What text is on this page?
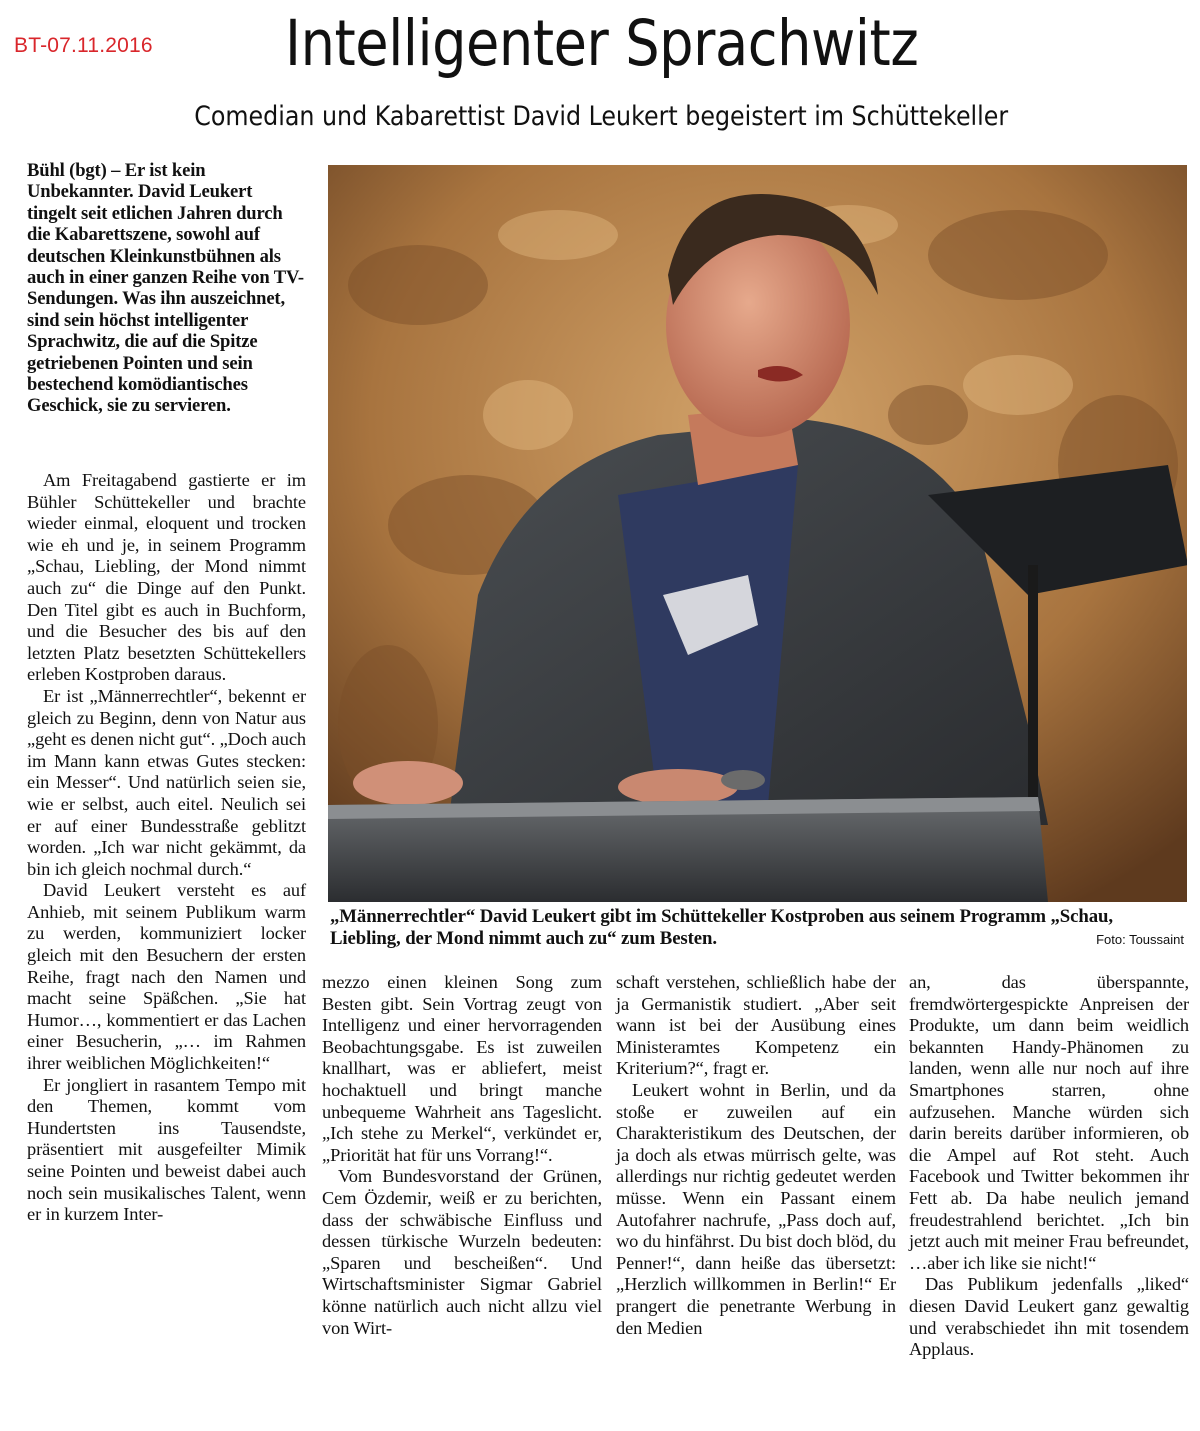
BT-07.11.2016	Intelligenter Sprachwitz
Comedian und Kabarettist David Leukert begeistert im Schüttekeller
Bühl (bgt) – Er ist kein Unbekannter. David Leukert tingelt seit etlichen Jahren durch die Kabarettszene, sowohl auf deutschen Kleinkunstbühnen als auch in einer ganzen Reihe von TV-Sendungen. Was ihn auszeichnet, sind sein höchst intelligenter Sprachwitz, die auf die Spitze getriebenen Pointen und sein bestechend komödiantisches Geschick, sie zu servieren.

Am Freitagabend gastierte er im Bühler Schüttekeller und brachte wieder einmal, eloquent und trocken wie eh und je, in seinem Programm „Schau, Liebling, der Mond nimmt auch zu“ die Dinge auf den Punkt. Den Titel gibt es auch in Buchform, und die Besucher des bis auf den letzten Platz besetzten Schüttekellers erleben Kostproben daraus.

Er ist „Männerrechtler“, bekennt er gleich zu Beginn, denn von Natur aus „geht es denen nicht gut“. „Doch auch im Mann kann etwas Gutes stecken: ein Messer“. Und natürlich seien sie, wie er selbst, auch eitel. Neulich sei er auf einer Bundesstraße geblitzt worden. „Ich war nicht gekämmt, da bin ich gleich nochmal durch.“

David Leukert versteht es auf Anhieb, mit seinem Publikum warm zu werden, kommuniziert locker gleich mit den Besuchern der ersten Reihe, fragt nach den Namen und macht seine Späßchen. „Sie hat Humor…, kommentiert er das Lachen einer Besucherin, „… im Rahmen ihrer weiblichen Möglichkeiten!“

Er jongliert in rasantem Tempo mit den Themen, kommt vom Hundertsten ins Tausendste, präsentiert mit ausgefeilter Mimik seine Pointen und beweist dabei auch noch sein musikalisches Talent, wenn er in kurzem Inter-

„Männerrechtler“ David Leukert gibt im Schüttekeller Kostproben aus seinem Programm „Schau, Liebling, der Mond nimmt auch zu“ zum Besten.	Foto: Toussaint

mezzo einen kleinen Song zum Besten gibt. Sein Vortrag zeugt von Intelligenz und einer hervorragenden Beobachtungsgabe. Es ist zuweilen knallhart, was er abliefert, meist hochaktuell und bringt manche unbequeme Wahrheit ans Tageslicht. „Ich stehe zu Merkel“, verkündet er, „Priorität hat für uns Vorrang!“.

Vom Bundesvorstand der Grünen, Cem Özdemir, weiß er zu berichten, dass der schwäbische Einfluss und dessen türkische Wurzeln bedeuten: „Sparen und bescheißen“. Und Wirtschaftsminister Sigmar Gabriel könne natürlich auch nicht allzu viel von Wirt-

schaft verstehen, schließlich habe der ja Germanistik studiert. „Aber seit wann ist bei der Ausübung eines Ministeramtes Kompetenz ein Kriterium?“, fragt er.

Leukert wohnt in Berlin, und da stoße er zuweilen auf ein Charakteristikum des Deutschen, der ja doch als etwas mürrisch gelte, was allerdings nur richtig gedeutet werden müsse. Wenn ein Passant einem Autofahrer nachrufe, „Pass doch auf, wo du hinfährst. Du bist doch blöd, du Penner!“, dann heiße das übersetzt: „Herzlich willkommen in Berlin!“ Er prangert die penetrante Werbung in den Medien

an, das überspannte, fremdwörtergespickte Anpreisen der Produkte, um dann beim weidlich bekannten Handy-Phänomen zu landen, wenn alle nur noch auf ihre Smartphones starren, ohne aufzusehen. Manche würden sich darin bereits darüber informieren, ob die Ampel auf Rot steht. Auch Facebook und Twitter bekommen ihr Fett ab. Da habe neulich jemand freudestrahlend berichtet. „Ich bin jetzt auch mit meiner Frau befreundet, …aber ich like sie nicht!“

Das Publikum jedenfalls „liked“ diesen David Leukert ganz gewaltig und verabschiedet ihn mit tosendem Applaus.
